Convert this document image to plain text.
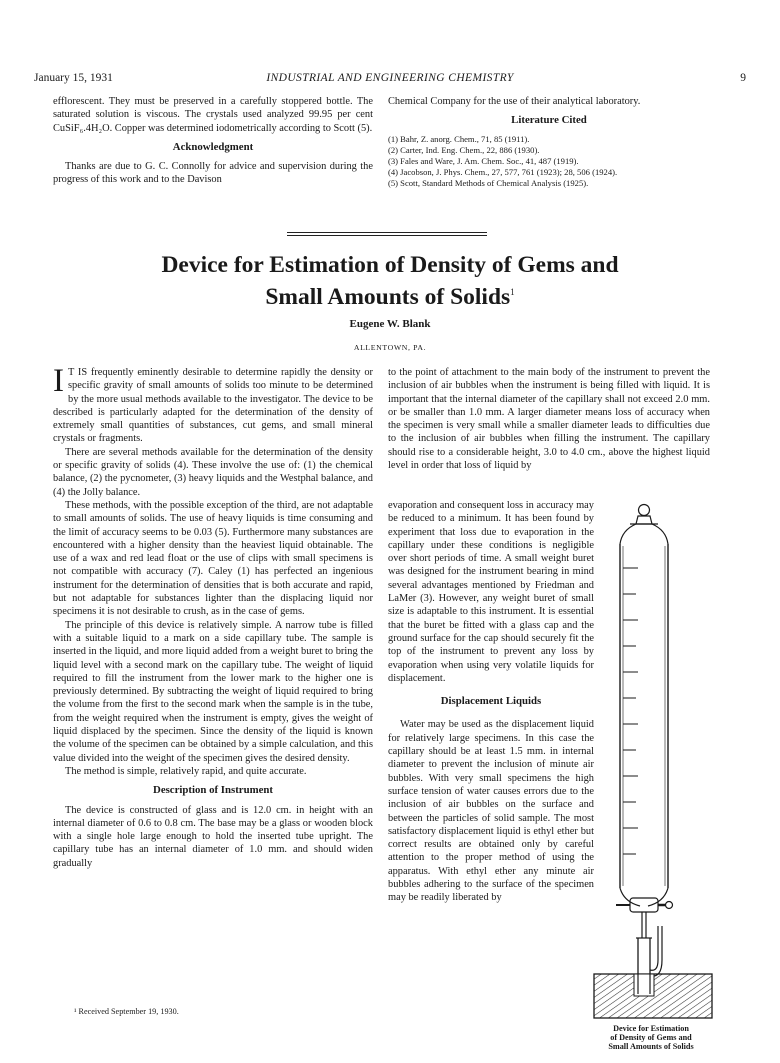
January 15, 1931	INDUSTRIAL AND ENGINEERING CHEMISTRY	9

efflorescent. They must be preserved in a carefully stoppered bottle. The saturated solution is viscous. The crystals used analyzed 99.95 per cent CuSiF₆.4H₂O. Copper was determined iodometrically according to Scott (5).

Acknowledgment

Thanks are due to G. C. Connolly for advice and supervision during the progress of this work and to the Davison

Chemical Company for the use of their analytical laboratory.

Literature Cited
(1) Bahr, Z. anorg. Chem., 71, 85 (1911).
(2) Carter, Ind. Eng. Chem., 22, 886 (1930).
(3) Fales and Ware, J. Am. Chem. Soc., 41, 487 (1919).
(4) Jacobson, J. Phys. Chem., 27, 577, 761 (1923); 28, 506 (1924).
(5) Scott, Standard Methods of Chemical Analysis (1925).
Device for Estimation of Density of Gems and
Small Amounts of Solids$^1$
Eugene W. Blank
ALLENTOWN, PA.

I T IS frequently eminently desirable to determine rapidly the density or specific gravity of small amounts of solids too minute to be determined by the more usual methods available to the investigator. The device to be described is particularly adapted for the determination of the density of extremely small quantities of substances, cut gems, and small mineral crystals or fragments.

There are several methods available for the determination of the density or specific gravity of solids (4). These involve the use of: (1) the chemical balance, (2) the pycnometer, (3) heavy liquids and the Westphal balance, and (4) the Jolly balance.

These methods, with the possible exception of the third, are not adaptable to small amounts of solids. The use of heavy liquids is time consuming and the limit of accuracy seems to be 0.03 (5). Furthermore many substances are encountered with a higher density than the heaviest liquid obtainable. The use of a wax and red lead float or the use of clips with small specimens is not compatible with accuracy (7). Caley (1) has perfected an ingenious instrument for the determination of densities that is both accurate and rapid, but not adaptable for substances lighter than the displacing liquid nor specimens it is not desirable to crush, as in the case of gems.

The principle of this device is relatively simple. A narrow tube is filled with a suitable liquid to a mark on a side capillary tube. The sample is inserted in the liquid, and more liquid added from a weight buret to bring the liquid level with a second mark on the capillary tube. The weight of liquid required to fill the instrument from the lower mark to the higher one is previously determined. By subtracting the weight of liquid required to bring the volume from the first to the second mark when the sample is in the tube, from the weight required when the instrument is empty, gives the weight of liquid displaced by the specimen. Since the density of the liquid is known the volume of the specimen can be obtained by a simple calculation, and this value divided into the weight of the specimen gives the desired density.

The method is simple, relatively rapid, and quite accurate.

Description of Instrument

The device is constructed of glass and is 12.0 cm. in height with an internal diameter of 0.6 to 0.8 cm. The base may be a glass or wooden block with a single hole large enough to hold the inserted tube upright. The capillary tube has an internal diameter of 1.0 mm. and should widen gradually

¹ Received September 19, 1930.

to the point of attachment to the main body of the instrument to prevent the inclusion of air bubbles when the instrument is being filled with liquid. It is important that the internal diameter of the capillary shall not exceed 2.0 mm. or be smaller than 1.0 mm. A larger diameter means loss of accuracy when the specimen is very small while a smaller diameter leads to difficulties due to the inclusion of air bubbles when filling the instrument. The capillary should rise to a considerable height, 3.0 to 4.0 cm., above the highest liquid level in order that loss of liquid by

evaporation and consequent loss in accuracy may be reduced to a minimum. It has been found by experiment that loss due to evaporation in the capillary under these conditions is negligible over short periods of time. A small weight buret was designed for the instrument bearing in mind several advantages mentioned by Friedman and LaMer (3). However, any weight buret of small size is adaptable to this instrument. It is essential that the buret be fitted with a glass cap and the ground surface for the cap should securely fit the top of the instrument to prevent any loss by evaporation when using very volatile liquids for displacement.

Displacement Liquids

Water may be used as the displacement liquid for relatively large specimens. In this case the capillary should be at least 1.5 mm. in internal diameter to prevent the inclusion of minute air bubbles. With very small specimens the high surface tension of water causes errors due to the inclusion of air bubbles on the surface and between the particles of solid sample. The most satisfactory displacement liquid is ethyl ether but correct results are obtained only by careful attention to the proper method of using the apparatus. With ethyl ether any minute air bubbles adhering to the surface of the specimen may be readily liberated by

Device for Estimation
of Density of Gems and
Small Amounts of Solids
